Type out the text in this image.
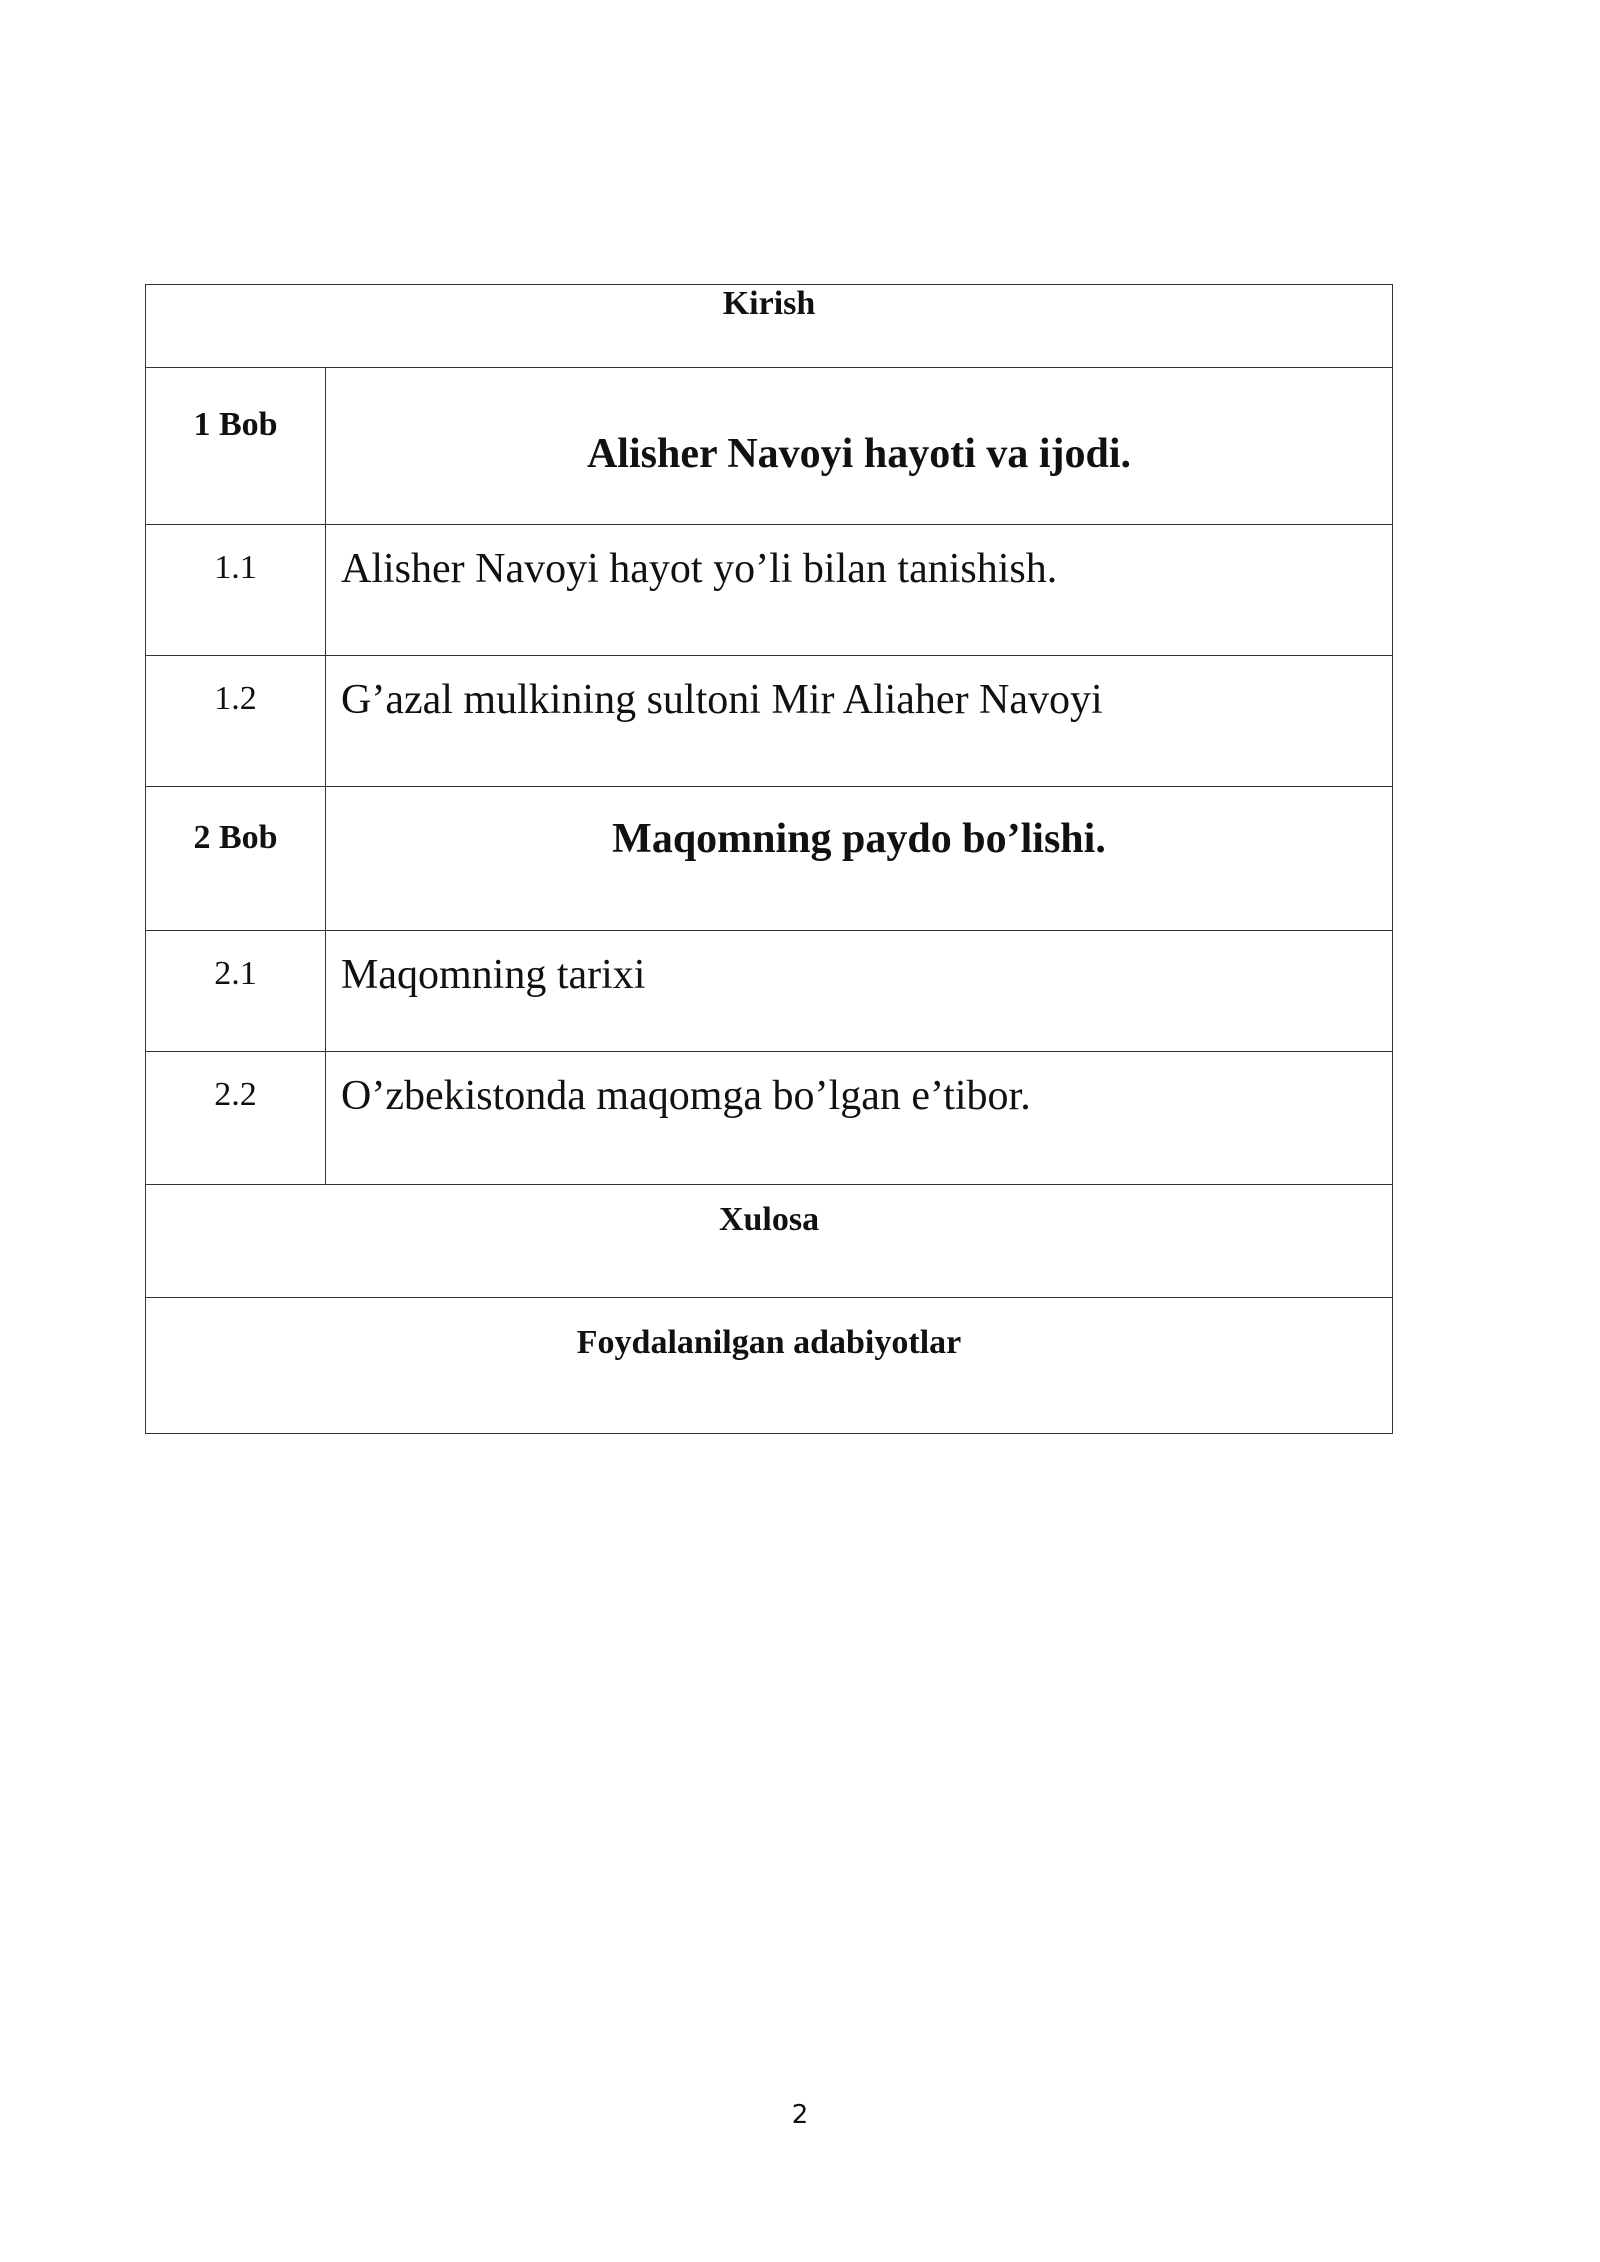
Kirish	

1 Bob	Alisher Navoyi hayoti va ijodi.

1.1	Alisher Navoyi hayot yo’li bilan tanishish.

1.2	G’azal mulkining sultoni Mir Aliaher Navoyi

2 Bob	Maqomning paydo bo’lishi.

2.1	Maqomning tarixi

2.2	O’zbekistonda maqomga bo’lgan e’tibor.

Xulosa	

Foydalanilgan adabiyotlar	
2
